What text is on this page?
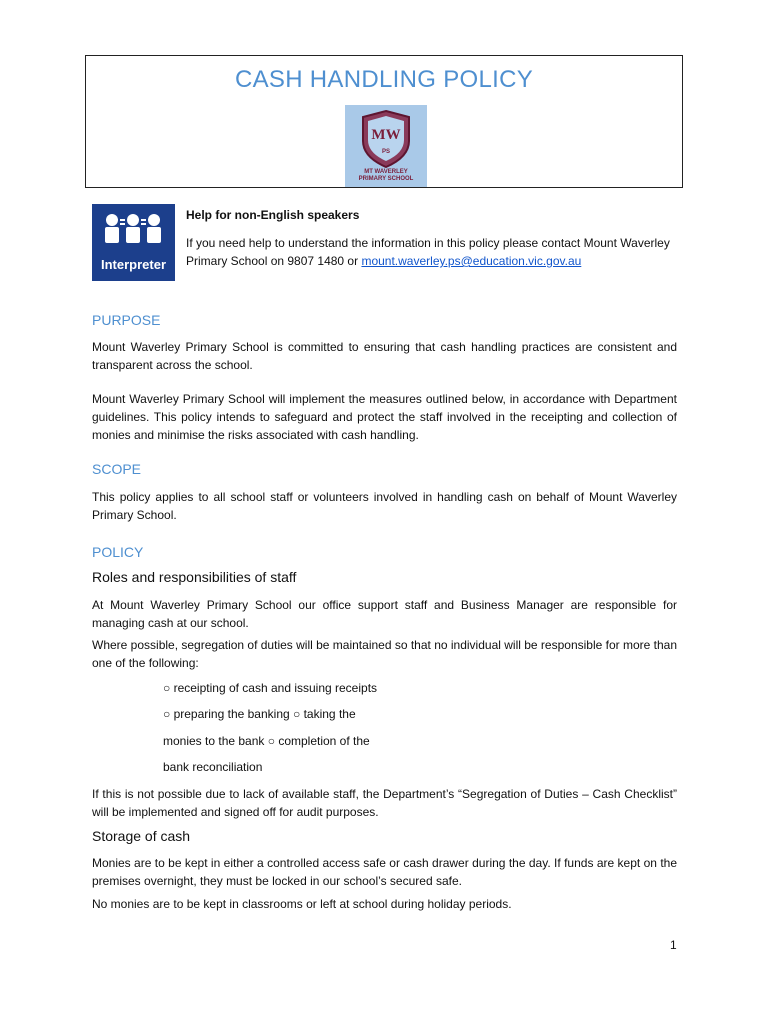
CASH HANDLING POLICY
MW
PS
MT WAVERLEY
PRIMARY SCHOOL
Interpreter
Help for non-English speakers
If you need help to understand the information in this policy please contact Mount Waverley Primary School on 9807 1480 or mount.waverley.ps@education.vic.gov.au
PURPOSE
Mount Waverley Primary School is committed to ensuring that cash handling practices are consistent and transparent across the school.
Mount Waverley Primary School will implement the measures outlined below, in accordance with Department guidelines. This policy intends to safeguard and protect the staff involved in the receipting and collection of monies and minimise the risks associated with cash handling.
SCOPE
This policy applies to all school staff or volunteers involved in handling cash on behalf of Mount Waverley Primary School.
POLICY
Roles and responsibilities of staff
At Mount Waverley Primary School our office support staff and Business Manager are responsible for managing cash at our school.
Where possible, segregation of duties will be maintained so that no individual will be responsible for more than one of the following:
○ receipting of cash and issuing receipts
○ preparing the banking ○ taking the
monies to the bank ○ completion of the
bank reconciliation
If this is not possible due to lack of available staff, the Department’s “Segregation of Duties – Cash Checklist” will be implemented and signed off for audit purposes.
Storage of cash
Monies are to be kept in either a controlled access safe or cash drawer during the day. If funds are kept on the premises overnight, they must be locked in our school’s secured safe.
No monies are to be kept in classrooms or left at school during holiday periods.
1
